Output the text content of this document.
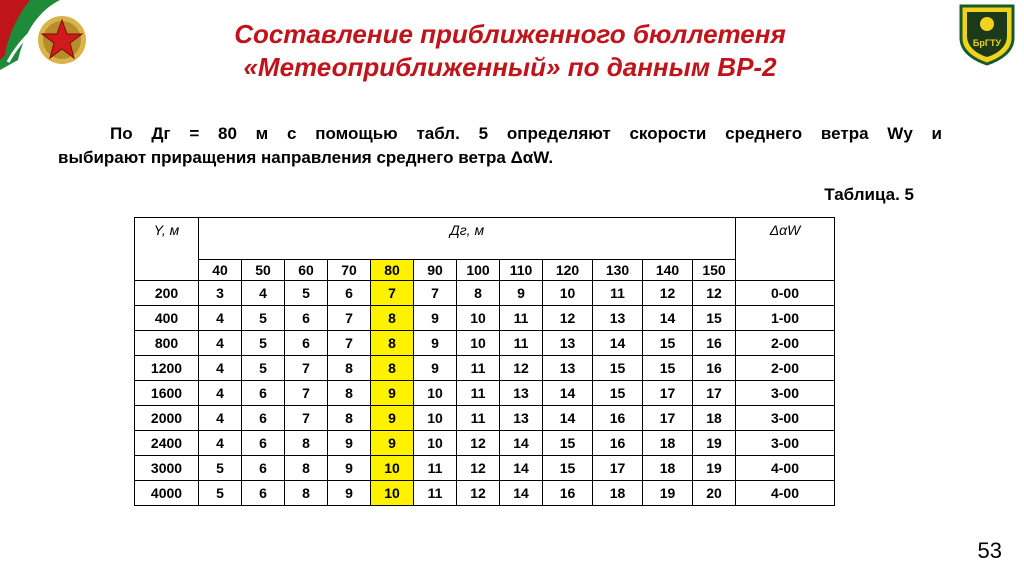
БрГТУ
Составление приближенного бюллетеня
«Метеоприближенный» по данным ВР-2
По Дг = 80 м с помощью табл. 5 определяют скорости среднего ветра Wу и
выбирают приращения направления среднего ветра ΔαW.
Таблица. 5
Y, м	Дг, м												ΔαW
	40	50	60	70	80	90	100	110	120	130	140	150	
200	3	4	5	6	7	7	8	9	10	11	12	12	0-00
400	4	5	6	7	8	9	10	11	12	13	14	15	1-00
800	4	5	6	7	8	9	10	11	13	14	15	16	2-00
1200	4	5	7	8	8	9	11	12	13	15	15	16	2-00
1600	4	6	7	8	9	10	11	13	14	15	17	17	3-00
2000	4	6	7	8	9	10	11	13	14	16	17	18	3-00
2400	4	6	8	9	9	10	12	14	15	16	18	19	3-00
3000	5	6	8	9	10	11	12	14	15	17	18	19	4-00
4000	5	6	8	9	10	11	12	14	16	18	19	20	4-00
53
